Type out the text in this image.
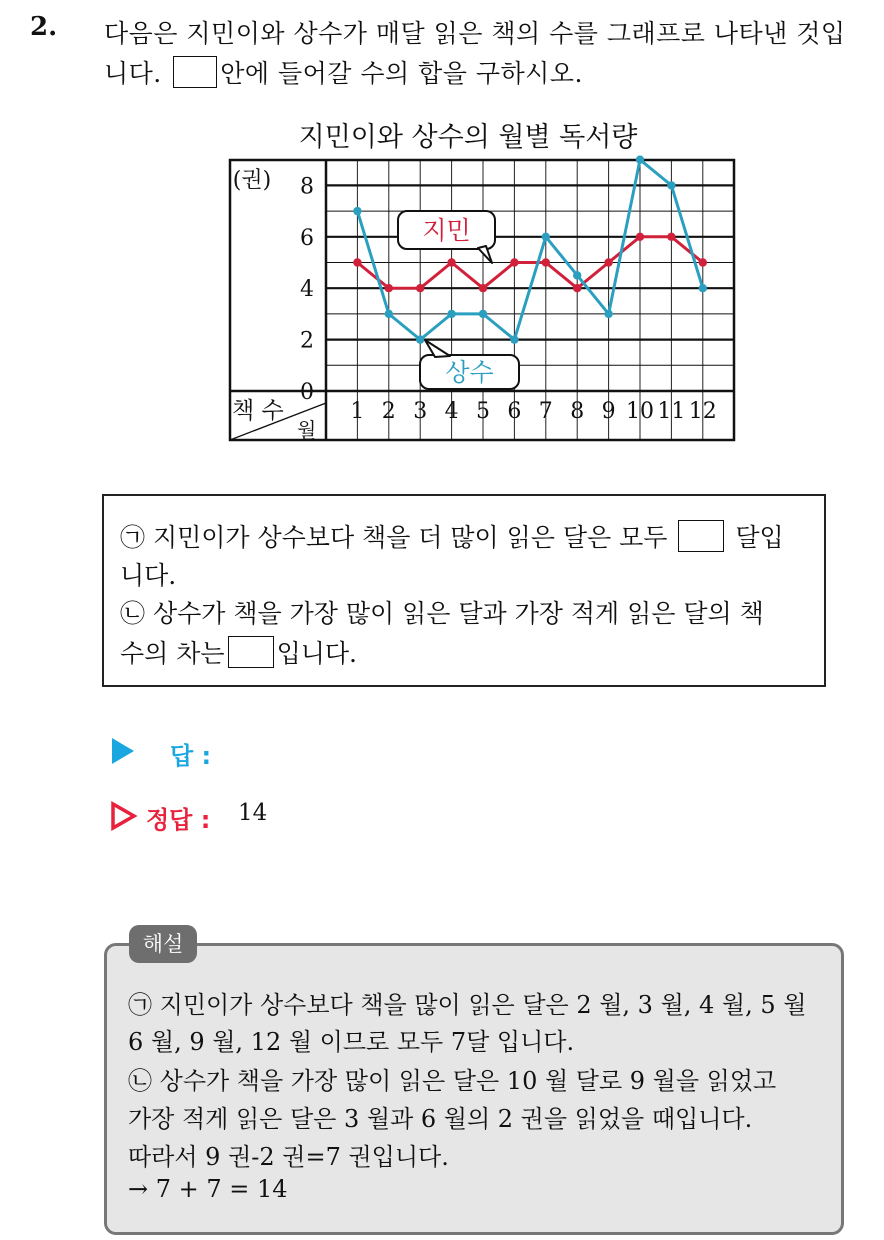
2. 다음은 지민이와 상수가 매달 읽은 책의 수를 그래프로 나타낸 것입
니다. 안에 들어갈 수의 합을 구하시오.
지민이와 상수의 월별 독서량
(권)
0
2
4
6
8
책 수
월
1 2 3 4 5 6 7 8 9 10 11 12
지민
상수
㉠ 지민이가 상수보다 책을 더 많이 읽은 달은 모두	달입
니다.
㉡ 상수가 책을 가장 많이 읽은 달과 가장 적게 읽은 달의 책
수의 차는 입니다.
답 :
정답 : 14
해설
㉠ 지민이가 상수보다 책을 많이 읽은 달은 2 월, 3 월, 4 월, 5 월
6 월, 9 월, 12 월 이므로 모두 7달 입니다.
㉡ 상수가 책을 가장 많이 읽은 달은 10 월 달로 9 월을 읽었고
가장 적게 읽은 달은 3 월과 6 월의 2 권을 읽었을 때입니다.
따라서 9 권-2 권=7 권입니다.
→ 7 + 7 = 14
